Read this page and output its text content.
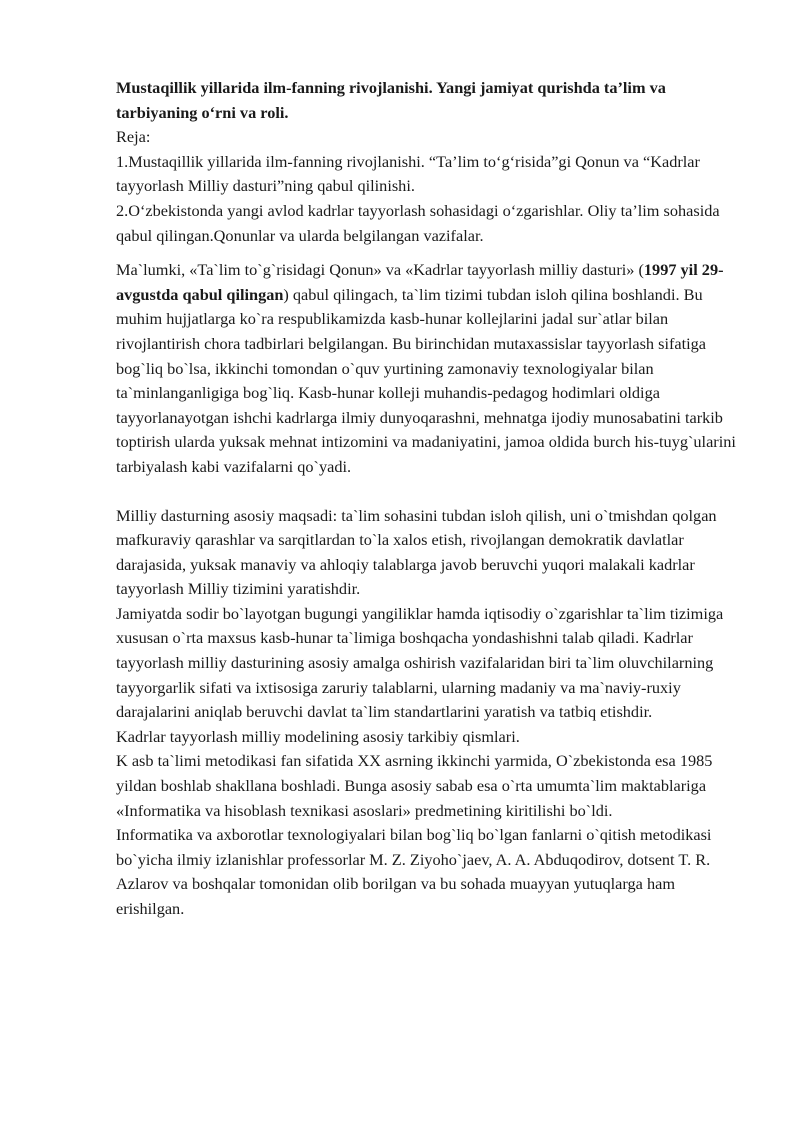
Mustaqillik yillarida ilm-fanning rivojlanishi. Yangi jamiyat qurishda ta’lim va tarbiyaning oʻrni va roli.

Reja:

1.Mustaqillik yillarida ilm-fanning rivojlanishi. “Ta’lim toʻgʻrisida”gi Qonun va “Kadrlar tayyorlash Milliy dasturi”ning qabul qilinishi.

2.Oʻzbekistonda yangi avlod kadrlar tayyorlash sohasidagi oʻzgarishlar. Oliy ta’lim sohasida qabul qilingan.Qonunlar va ularda belgilangan vazifalar.

Ma`lumki, «Ta`lim to`g`risidagi Qonun» va «Kadrlar tayyorlash milliy dasturi» (1997 yil 29-avgustda qabul qilingan) qabul qilingach, ta`lim tizimi tubdan isloh qilina boshlandi. Bu muhim hujjatlarga ko`ra respublikamizda kasb-hunar kollejlarini jadal sur`atlar bilan rivojlantirish chora tadbirlari belgilangan. Bu birinchidan mutaxassislar tayyorlash sifatiga bog`liq bo`lsa, ikkinchi tomondan o`quv yurtining zamonaviy texnologiyalar bilan ta`minlanganligiga bog`liq. Kasb-hunar kolleji muhandis-pedagog hodimlari oldiga tayyorlanayotgan ishchi kadrlarga ilmiy dunyoqarashni, mehnatga ijodiy munosabatini tarkib toptirish ularda yuksak mehnat intizomini va madaniyatini, jamoa oldida burch his-tuyg`ularini tarbiyalash kabi vazifalarni qo`yadi.

Milliy dasturning asosiy maqsadi: ta`lim sohasini tubdan isloh qilish, uni o`tmishdan qolgan mafkuraviy qarashlar va sarqitlardan to`la xalos etish, rivojlangan demokratik davlatlar darajasida, yuksak manaviy va ahloqiy talablarga javob beruvchi yuqori malakali kadrlar tayyorlash Milliy tizimini yaratishdir.

Jamiyatda sodir bo`layotgan bugungi yangiliklar hamda iqtisodiy o`zgarishlar ta`lim tizimiga xususan o`rta maxsus kasb-hunar ta`limiga boshqacha yondashishni talab qiladi. Kadrlar tayyorlash milliy dasturining asosiy amalga oshirish vazifalaridan biri ta`lim oluvchilarning tayyorgarlik sifati va ixtisosiga zaruriy talablarni, ularning madaniy va ma`naviy-ruxiy darajalarini aniqlab beruvchi davlat ta`lim standartlarini yaratish va tatbiq etishdir.

Kadrlar tayyorlash milliy modelining asosiy tarkibiy qismlari.

K asb ta`limi metodikasi fan sifatida XX asrning ikkinchi yarmida, O`zbekistonda esa 1985 yildan boshlab shakllana boshladi. Bunga asosiy sabab esa o`rta umumta`lim maktablariga «Informatika va hisoblash texnikasi asoslari» predmetining kiritilishi bo`ldi.

Informatika va axborotlar texnologiyalari bilan bog`liq bo`lgan fanlarni o`qitish metodikasi bo`yicha ilmiy izlanishlar professorlar M. Z. Ziyoho`jaev, A. A. Abduqodirov, dotsent T. R. Azlarov va boshqalar tomonidan olib borilgan va bu sohada muayyan yutuqlarga ham erishilgan.
